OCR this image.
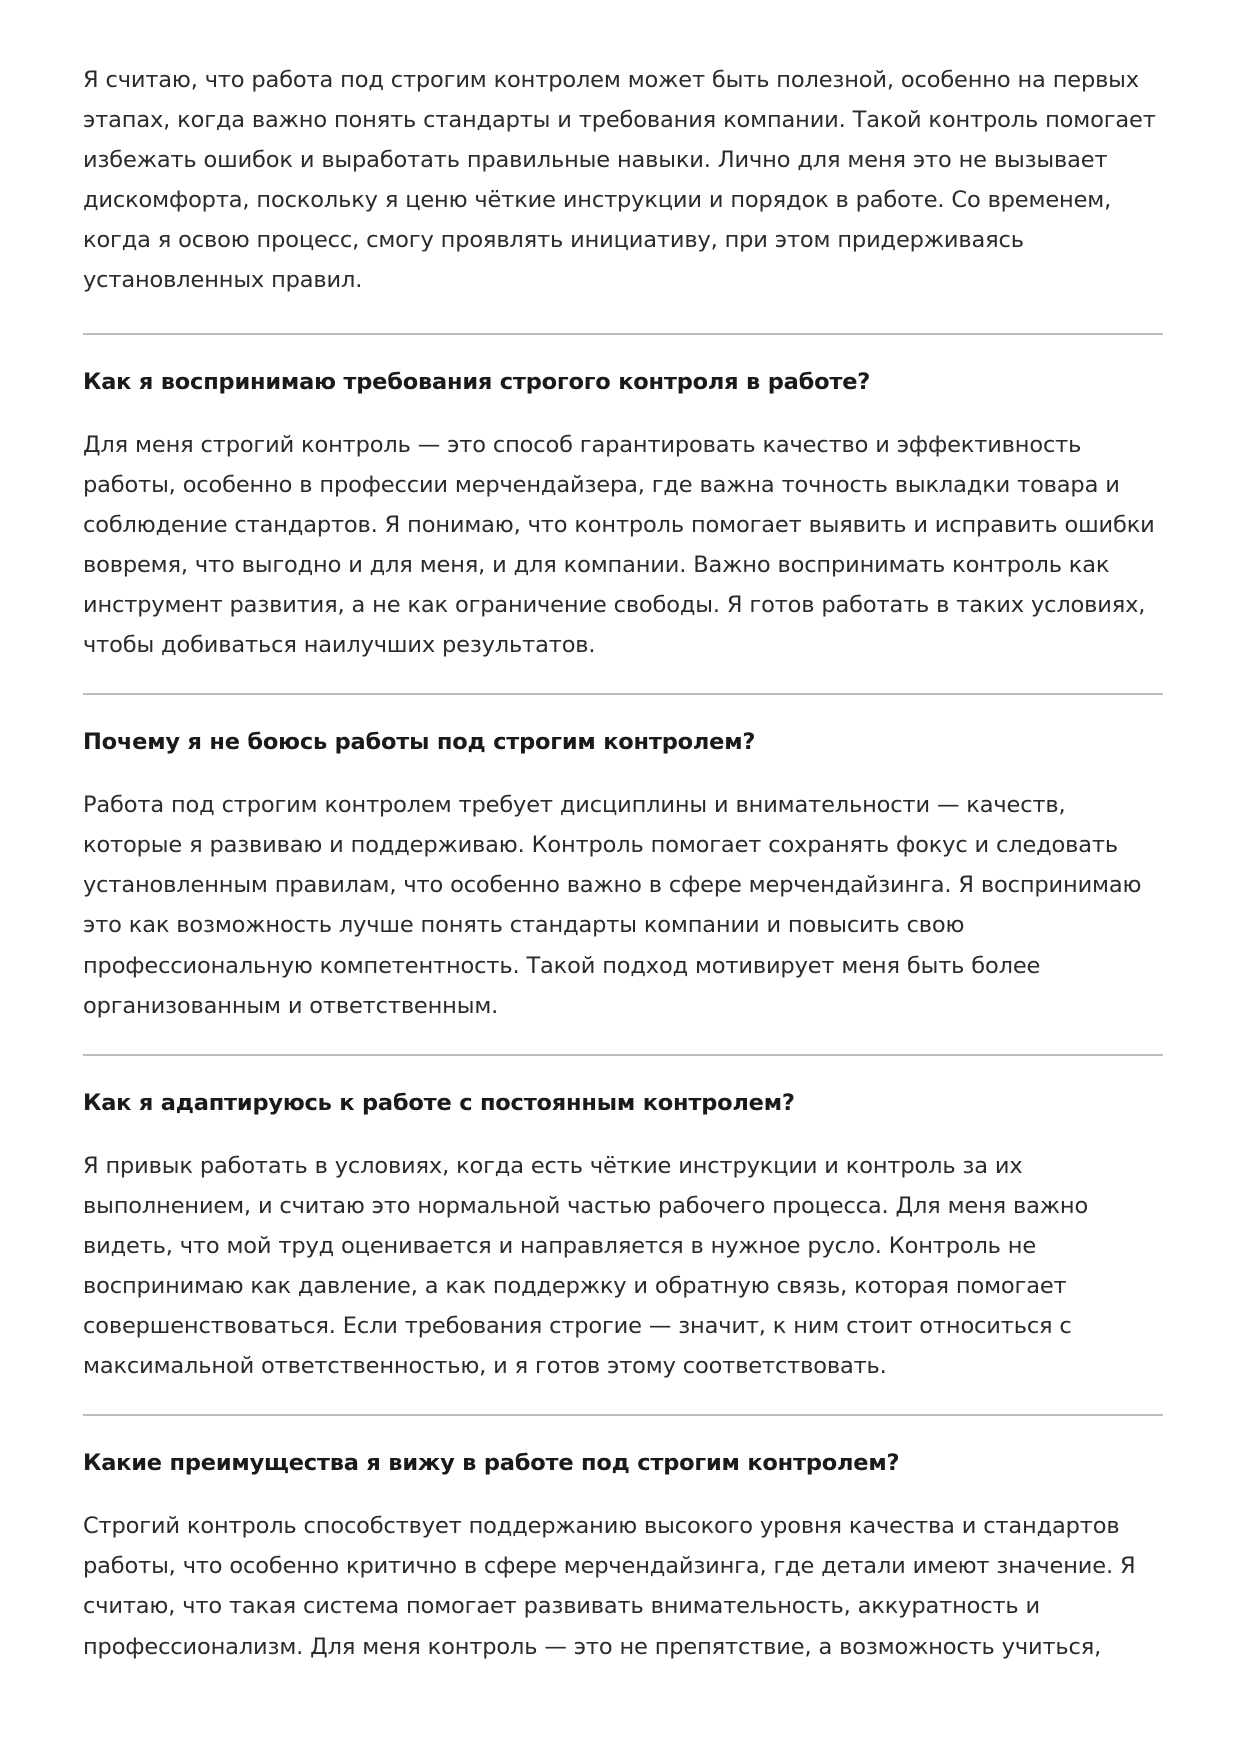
Я считаю, что работа под строгим контролем может быть полезной, особенно на первых этапах, когда важно понять стандарты и требования компании. Такой контроль помогает избежать ошибок и выработать правильные навыки. Лично для меня это не вызывает дискомфорта, поскольку я ценю чёткие инструкции и порядок в работе. Со временем, когда я освою процесс, смогу проявлять инициативу, при этом придерживаясь установленных правил.

Как я воспринимаю требования строгого контроля в работе?

Для меня строгий контроль — это способ гарантировать качество и эффективность работы, особенно в профессии мерчендайзера, где важна точность выкладки товара и соблюдение стандартов. Я понимаю, что контроль помогает выявить и исправить ошибки вовремя, что выгодно и для меня, и для компании. Важно воспринимать контроль как инструмент развития, а не как ограничение свободы. Я готов работать в таких условиях, чтобы добиваться наилучших результатов.

Почему я не боюсь работы под строгим контролем?

Работа под строгим контролем требует дисциплины и внимательности — качеств, которые я развиваю и поддерживаю. Контроль помогает сохранять фокус и следовать установленным правилам, что особенно важно в сфере мерчендайзинга. Я воспринимаю это как возможность лучше понять стандарты компании и повысить свою профессиональную компетентность. Такой подход мотивирует меня быть более организованным и ответственным.

Как я адаптируюсь к работе с постоянным контролем?

Я привык работать в условиях, когда есть чёткие инструкции и контроль за их выполнением, и считаю это нормальной частью рабочего процесса. Для меня важно видеть, что мой труд оценивается и направляется в нужное русло. Контроль не воспринимаю как давление, а как поддержку и обратную связь, которая помогает совершенствоваться. Если требования строгие — значит, к ним стоит относиться с максимальной ответственностью, и я готов этому соответствовать.

Какие преимущества я вижу в работе под строгим контролем?

Строгий контроль способствует поддержанию высокого уровня качества и стандартов работы, что особенно критично в сфере мерчендайзинга, где детали имеют значение. Я считаю, что такая система помогает развивать внимательность, аккуратность и профессионализм. Для меня контроль — это не препятствие, а возможность учиться,
